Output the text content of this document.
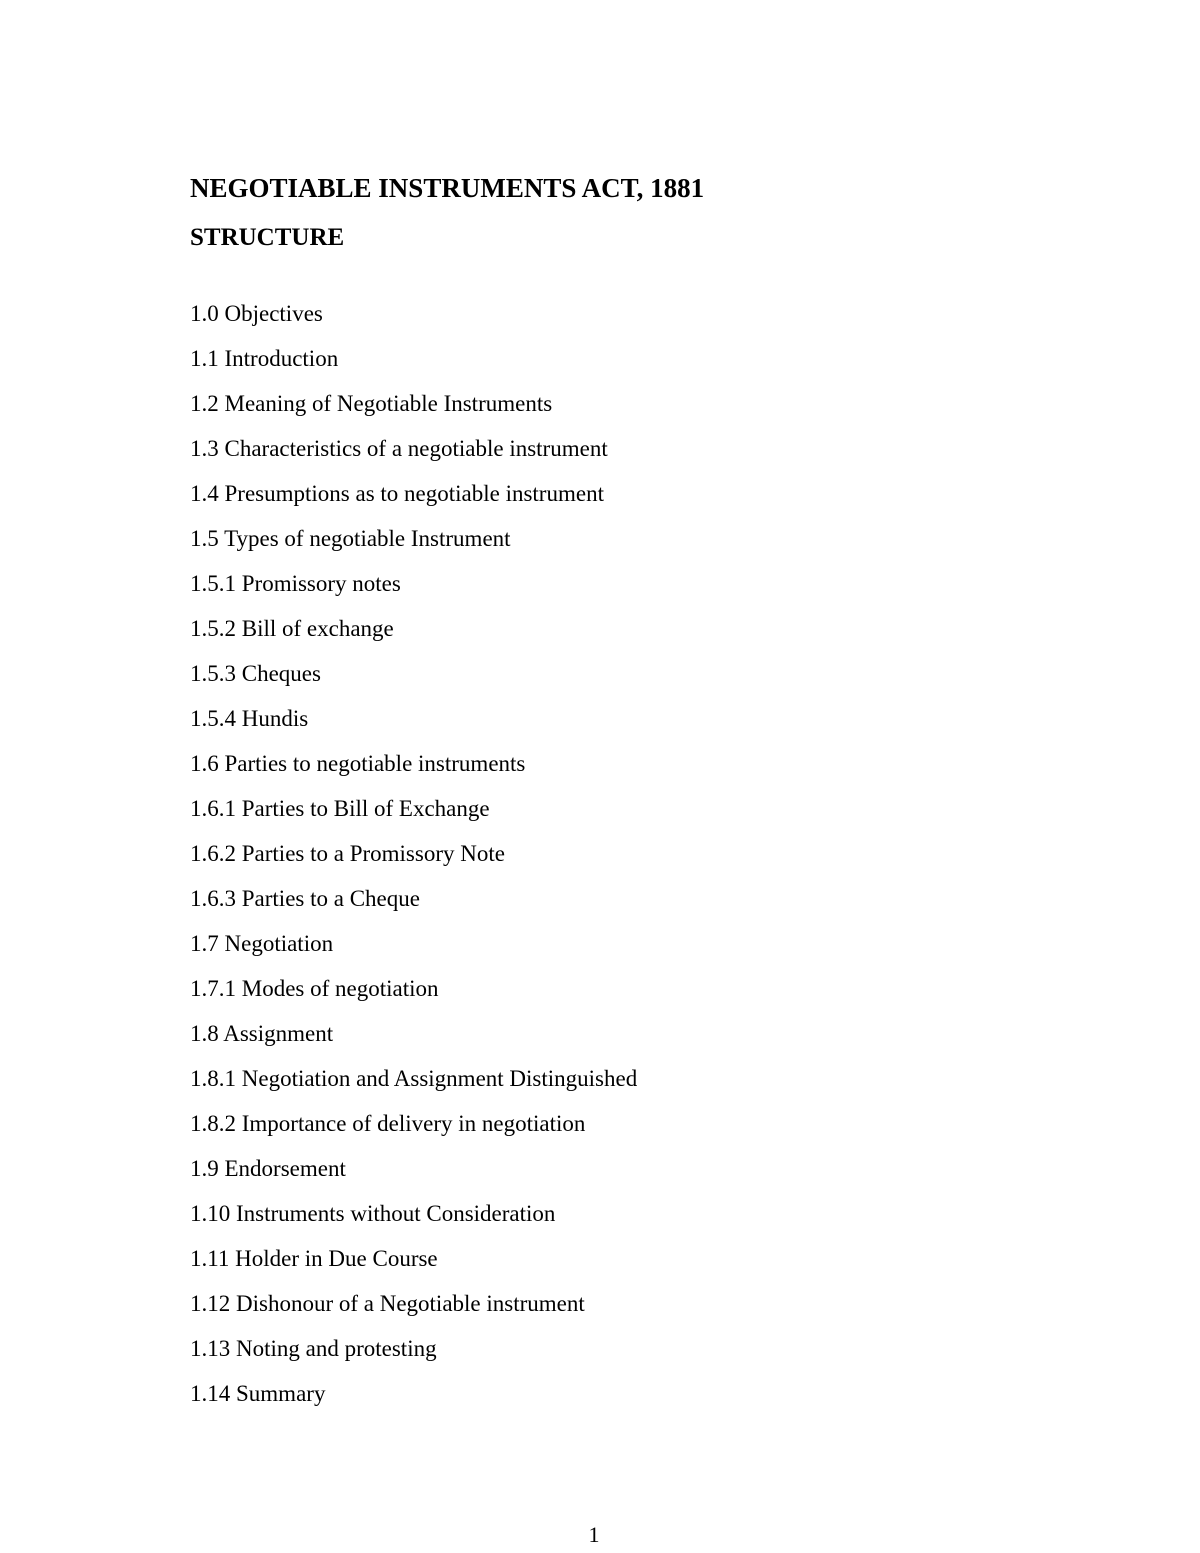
NEGOTIABLE INSTRUMENTS ACT, 1881
STRUCTURE
1.0 Objectives
1.1 Introduction
1.2 Meaning of Negotiable Instruments
1.3 Characteristics of a negotiable instrument
1.4 Presumptions as to negotiable instrument
1.5 Types of negotiable Instrument
1.5.1 Promissory notes
1.5.2 Bill of exchange
1.5.3 Cheques
1.5.4 Hundis
1.6 Parties to negotiable instruments
1.6.1 Parties to Bill of Exchange
1.6.2 Parties to a Promissory Note
1.6.3 Parties to a Cheque
1.7 Negotiation
1.7.1 Modes of negotiation
1.8 Assignment
1.8.1 Negotiation and Assignment Distinguished
1.8.2 Importance of delivery in negotiation
1.9 Endorsement
1.10 Instruments without Consideration
1.11 Holder in Due Course
1.12 Dishonour of a Negotiable instrument
1.13 Noting and protesting
1.14 Summary
1
